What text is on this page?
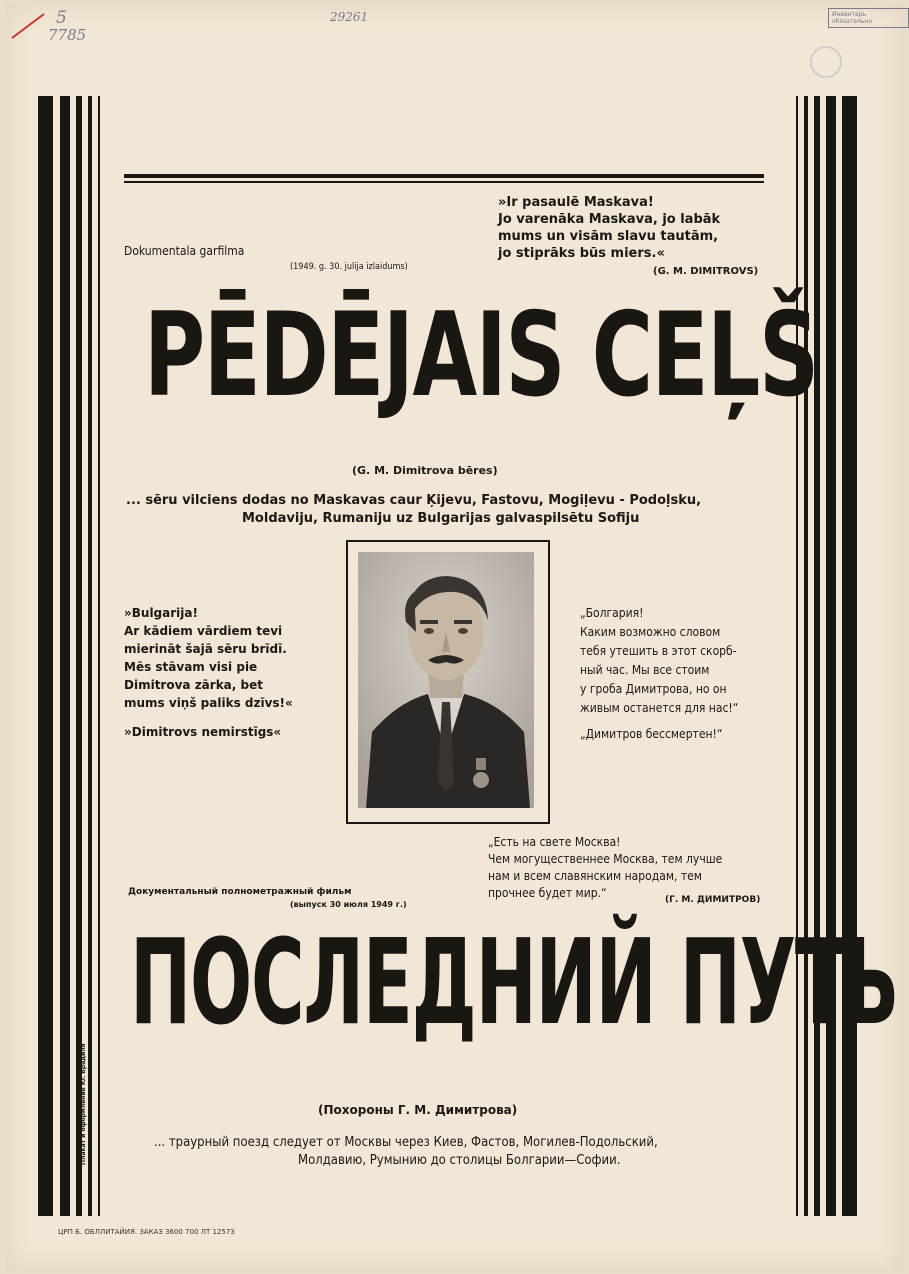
5
7785
29261	Инвентарь обязательно
Плакат и оформление Ю. Брадиля
Dokumentala garfilma
(1949. g. 30. julija izlaidums)
»Ir pasaulē Maskava!
Jo varenāka Maskava, jo labāk
mums un visām slavu tautām,
jo stiprāks būs miers.«
(G. M. DIMITROVS)
PĒDĒJAIS CEĻŠ
(G. M. Dimitrova bēres)
... sēru vilciens dodas no Maskavas caur Ķijevu, Fastovu, Mogiļevu - Podoļsku,
Moldaviju, Rumaniju uz Bulgarijas galvaspilsētu Sofiju
»Bulgarija!
Ar kādiem vārdiem tevi
mierināt šajā sēru brīdī.
Mēs stāvam visi pie
Dimitrova zārka, bet
mums viņš paliks dzīvs!«
»Dimitrovs nemirstīgs«
„Болгария!
Каким возможно словом
тебя утешить в этот скорб-
ный час. Мы все стоим
у гроба Димитрова, но он
живым останется для нас!“
„Димитров бессмертен!“
„Есть на свете Москва!
Чем могущественнее Москва, тем лучше
нам и всем славянским народам, тем
прочнее будет мир.“	(Г. М. ДИМИТРОВ)
Документальный полнометражный фильм
(выпуск 30 июля 1949 г.)
ПОСЛЕДНИЙ ПУТЬ
(Похороны Г. М. Димитрова)
... траурный поезд следует от Москвы через Киев, Фастов, Могилев-Подольский,
Молдавию, Румынию до столицы Болгарии—Софии.
ЦРП Б. ОБЛЛИТАЙИЯ. ЗАКАЗ 3600 700 ЛТ 12573
